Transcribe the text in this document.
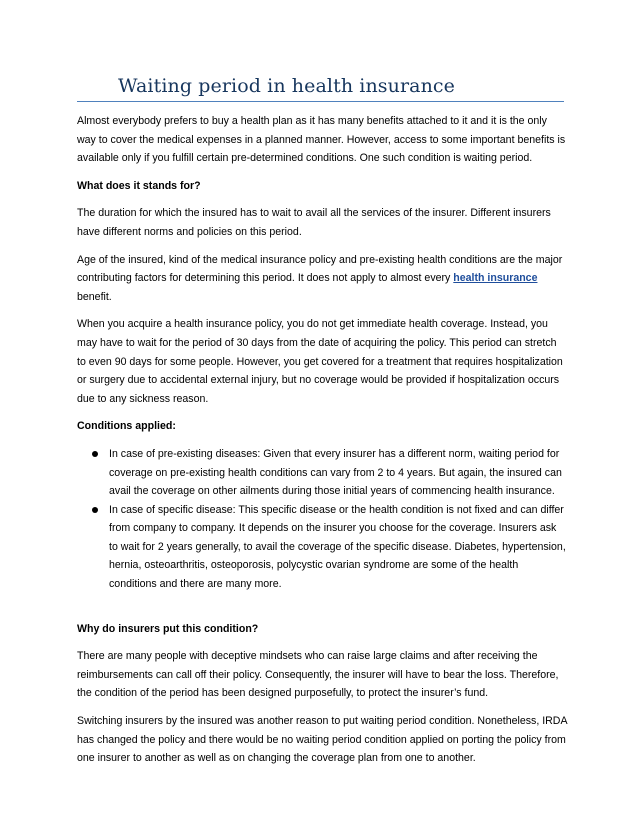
Waiting period in health insurance

Almost everybody prefers to buy a health plan as it has many benefits attached to it and it is the only way to cover the medical expenses in a planned manner. However, access to some important benefits is available only if you fulfill certain pre-determined conditions. One such condition is waiting period.

What does it stands for?

The duration for which the insured has to wait to avail all the services of the insurer. Different insurers have different norms and policies on this period.

Age of the insured, kind of the medical insurance policy and pre-existing health conditions are the major contributing factors for determining this period. It does not apply to almost every health insurance benefit.

When you acquire a health insurance policy, you do not get immediate health coverage. Instead, you may have to wait for the period of 30 days from the date of acquiring the policy. This period can stretch to even 90 days for some people. However, you get covered for a treatment that requires hospitalization or surgery due to accidental external injury, but no coverage would be provided if hospitalization occurs due to any sickness reason.

Conditions applied:

In case of pre-existing diseases: Given that every insurer has a different norm, waiting period for coverage on pre-existing health conditions can vary from 2 to 4 years. But again, the insured can avail the coverage on other ailments during those initial years of commencing health insurance.
In case of specific disease: This specific disease or the health condition is not fixed and can differ from company to company. It depends on the insurer you choose for the coverage. Insurers ask to wait for 2 years generally, to avail the coverage of the specific disease. Diabetes, hypertension, hernia, osteoarthritis, osteoporosis, polycystic ovarian syndrome are some of the health conditions and there are many more.

Why do insurers put this condition?

There are many people with deceptive mindsets who can raise large claims and after receiving the reimbursements can call off their policy. Consequently, the insurer will have to bear the loss. Therefore, the condition of the period has been designed purposefully, to protect the insurer’s fund.

Switching insurers by the insured was another reason to put waiting period condition. Nonetheless, IRDA has changed the policy and there would be no waiting period condition applied on porting the policy from one insurer to another as well as on changing the coverage plan from one to another.
